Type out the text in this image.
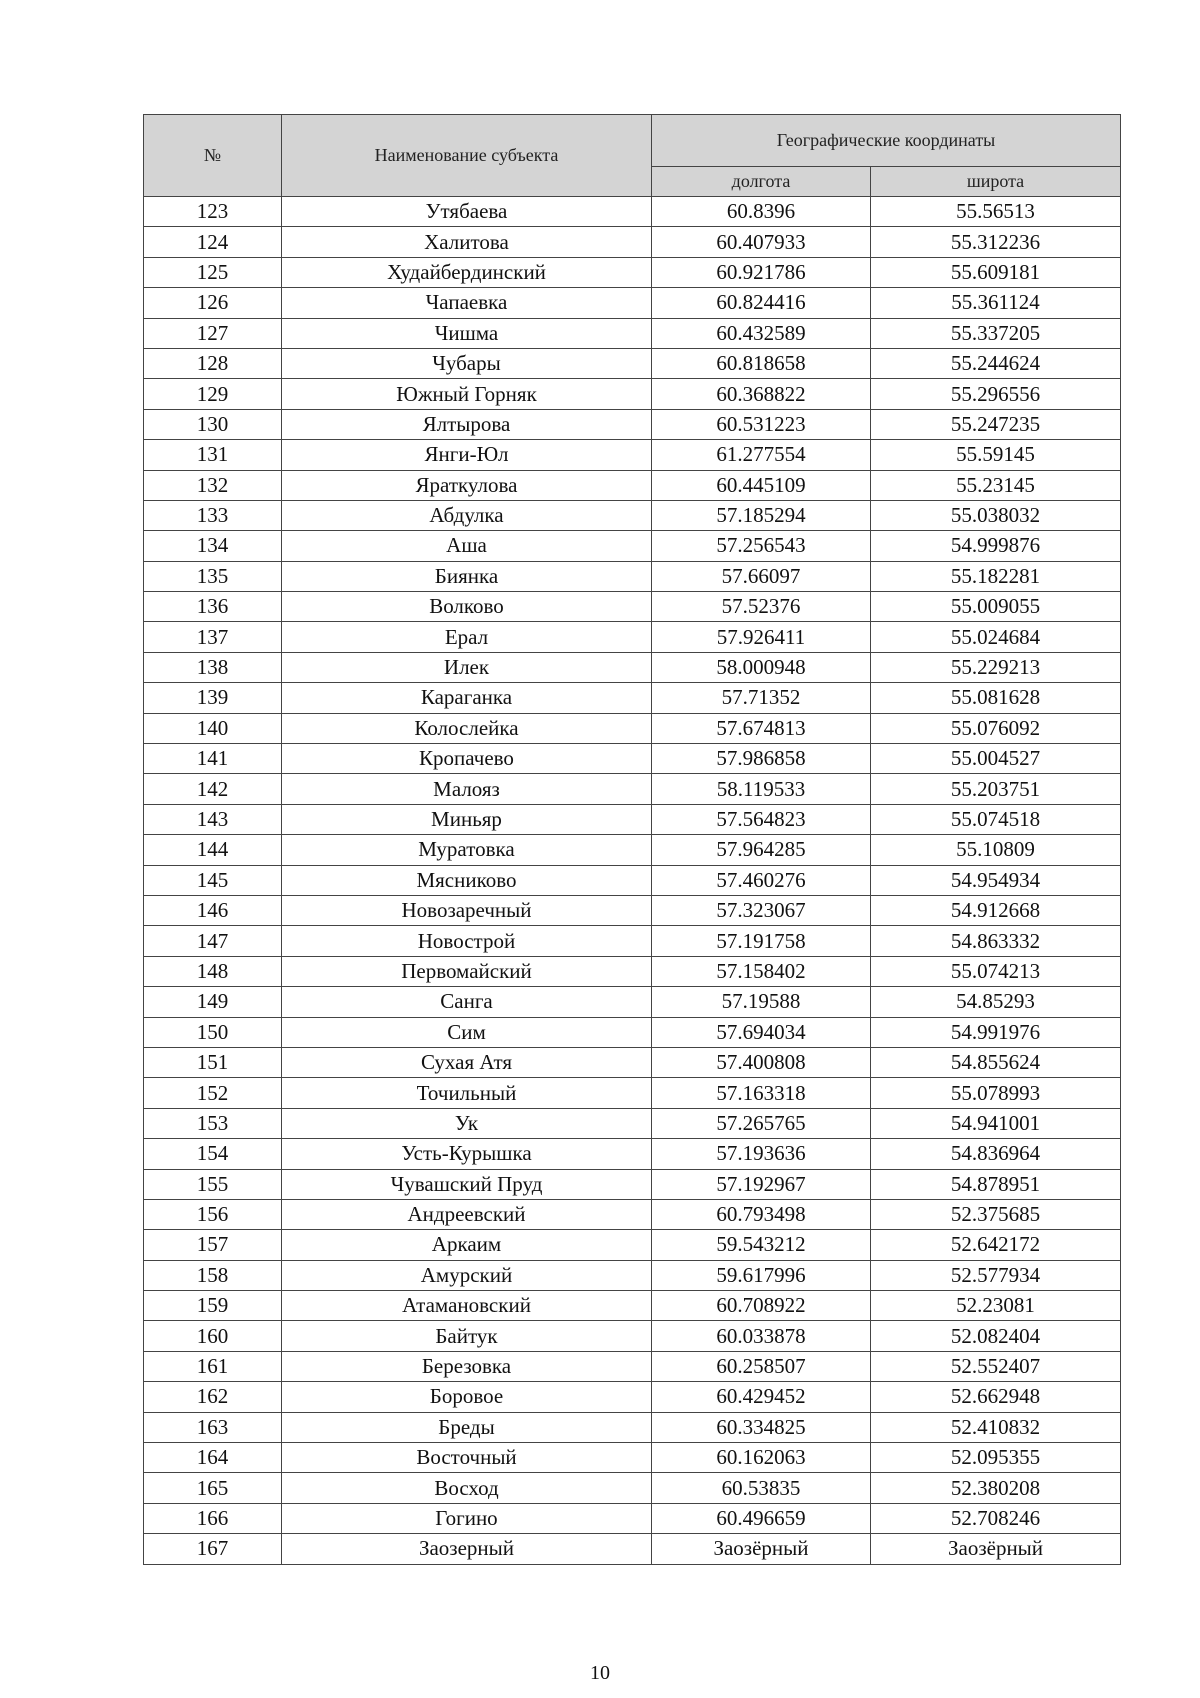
№	Наименование субъекта	Географические координаты	
		долгота	широта
123	Утябаева	60.8396	55.56513
124	Халитова	60.407933	55.312236
125	Худайбердинский	60.921786	55.609181
126	Чапаевка	60.824416	55.361124
127	Чишма	60.432589	55.337205
128	Чубары	60.818658	55.244624
129	Южный Горняк	60.368822	55.296556
130	Ялтырова	60.531223	55.247235
131	Янги-Юл	61.277554	55.59145
132	Яраткулова	60.445109	55.23145
133	Абдулка	57.185294	55.038032
134	Аша	57.256543	54.999876
135	Биянка	57.66097	55.182281
136	Волково	57.52376	55.009055
137	Ерал	57.926411	55.024684
138	Илек	58.000948	55.229213
139	Караганка	57.71352	55.081628
140	Колослейка	57.674813	55.076092
141	Кропачево	57.986858	55.004527
142	Малояз	58.119533	55.203751
143	Миньяр	57.564823	55.074518
144	Муратовка	57.964285	55.10809
145	Мясниково	57.460276	54.954934
146	Новозаречный	57.323067	54.912668
147	Новострой	57.191758	54.863332
148	Первомайский	57.158402	55.074213
149	Санга	57.19588	54.85293
150	Сим	57.694034	54.991976
151	Сухая Атя	57.400808	54.855624
152	Точильный	57.163318	55.078993
153	Ук	57.265765	54.941001
154	Усть-Курышка	57.193636	54.836964
155	Чувашский Пруд	57.192967	54.878951
156	Андреевский	60.793498	52.375685
157	Аркаим	59.543212	52.642172
158	Амурский	59.617996	52.577934
159	Атамановский	60.708922	52.23081
160	Байтук	60.033878	52.082404
161	Березовка	60.258507	52.552407
162	Боровое	60.429452	52.662948
163	Бреды	60.334825	52.410832
164	Восточный	60.162063	52.095355
165	Восход	60.53835	52.380208
166	Гогино	60.496659	52.708246
167	Заозерный	Заозёрный	Заозёрный
10
